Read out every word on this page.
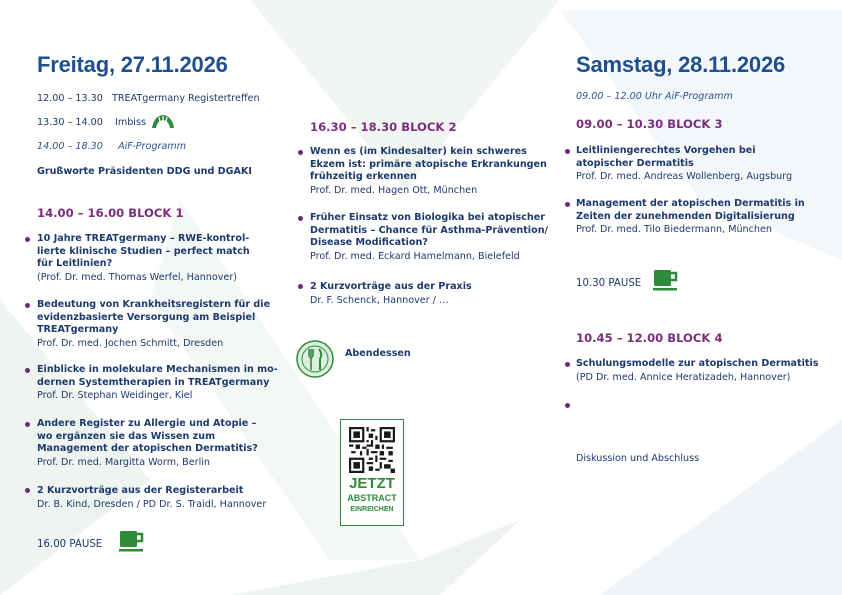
Freitag, 27.11.2026
12.00 – 13.30 TREATgermany Registertreffen
13.30 – 14.00 Imbiss
14.00 – 18.30     AiF-Programm
Grußworte Präsidenten DDG und DGAKI
14.00 – 16.00 BLOCK 1
10 Jahre TREATgermany – RWE-kontrol-
lierte klinische Studien – perfect match
für Leitlinien?
(Prof. Dr. med. Thomas Werfel, Hannover)
Bedeutung von Krankheitsregistern für die
evidenzbasierte Versorgung am Beispiel
TREATgermany
Prof. Dr. med. Jochen Schmitt, Dresden
Einblicke in molekulare Mechanismen in mo-
dernen Systemtherapien in TREATgermany
Prof. Dr. Stephan Weidinger, Kiel
Andere Register zu Allergie und Atopie –
wo ergänzen sie das Wissen zum
Management der atopischen Dermatitis?
Prof. Dr. med. Margitta Worm, Berlin
2 Kurzvorträge aus der Registerarbeit
Dr. B. Kind, Dresden / PD Dr. S. Traidl, Hannover
16.00 PAUSE
16.30 – 18.30 BLOCK 2
Wenn es (im Kindesalter) kein schweres
Ekzem ist: primäre atopische Erkrankungen
frühzeitig erkennen
Prof. Dr. med. Hagen Ott, München
Früher Einsatz von Biologika bei atopischer
Dermatitis – Chance für Asthma-Prävention/
Disease Modification?
Prof. Dr. med. Eckard Hamelmann, Bielefeld
2 Kurzvorträge aus der Praxis
Dr. F. Schenck, Hannover / …
Abendessen
JETZT
ABSTRACT
EINREICHEN
Samstag, 28.11.2026
09.00 – 12.00 Uhr AiF-Programm
09.00 – 10.30 BLOCK 3
Leitliniengerechtes Vorgehen bei
atopischer Dermatitis
Prof. Dr. med. Andreas Wollenberg, Augsburg
Management der atopischen Dermatitis in
Zeiten der zunehmenden Digitalisierung
Prof. Dr. med. Tilo Biedermann, München
10.30 PAUSE
10.45 – 12.00 BLOCK 4
Schulungsmodelle zur atopischen Dermatitis
(PD Dr. med. Annice Heratizadeh, Hannover)
Diskussion und Abschluss
